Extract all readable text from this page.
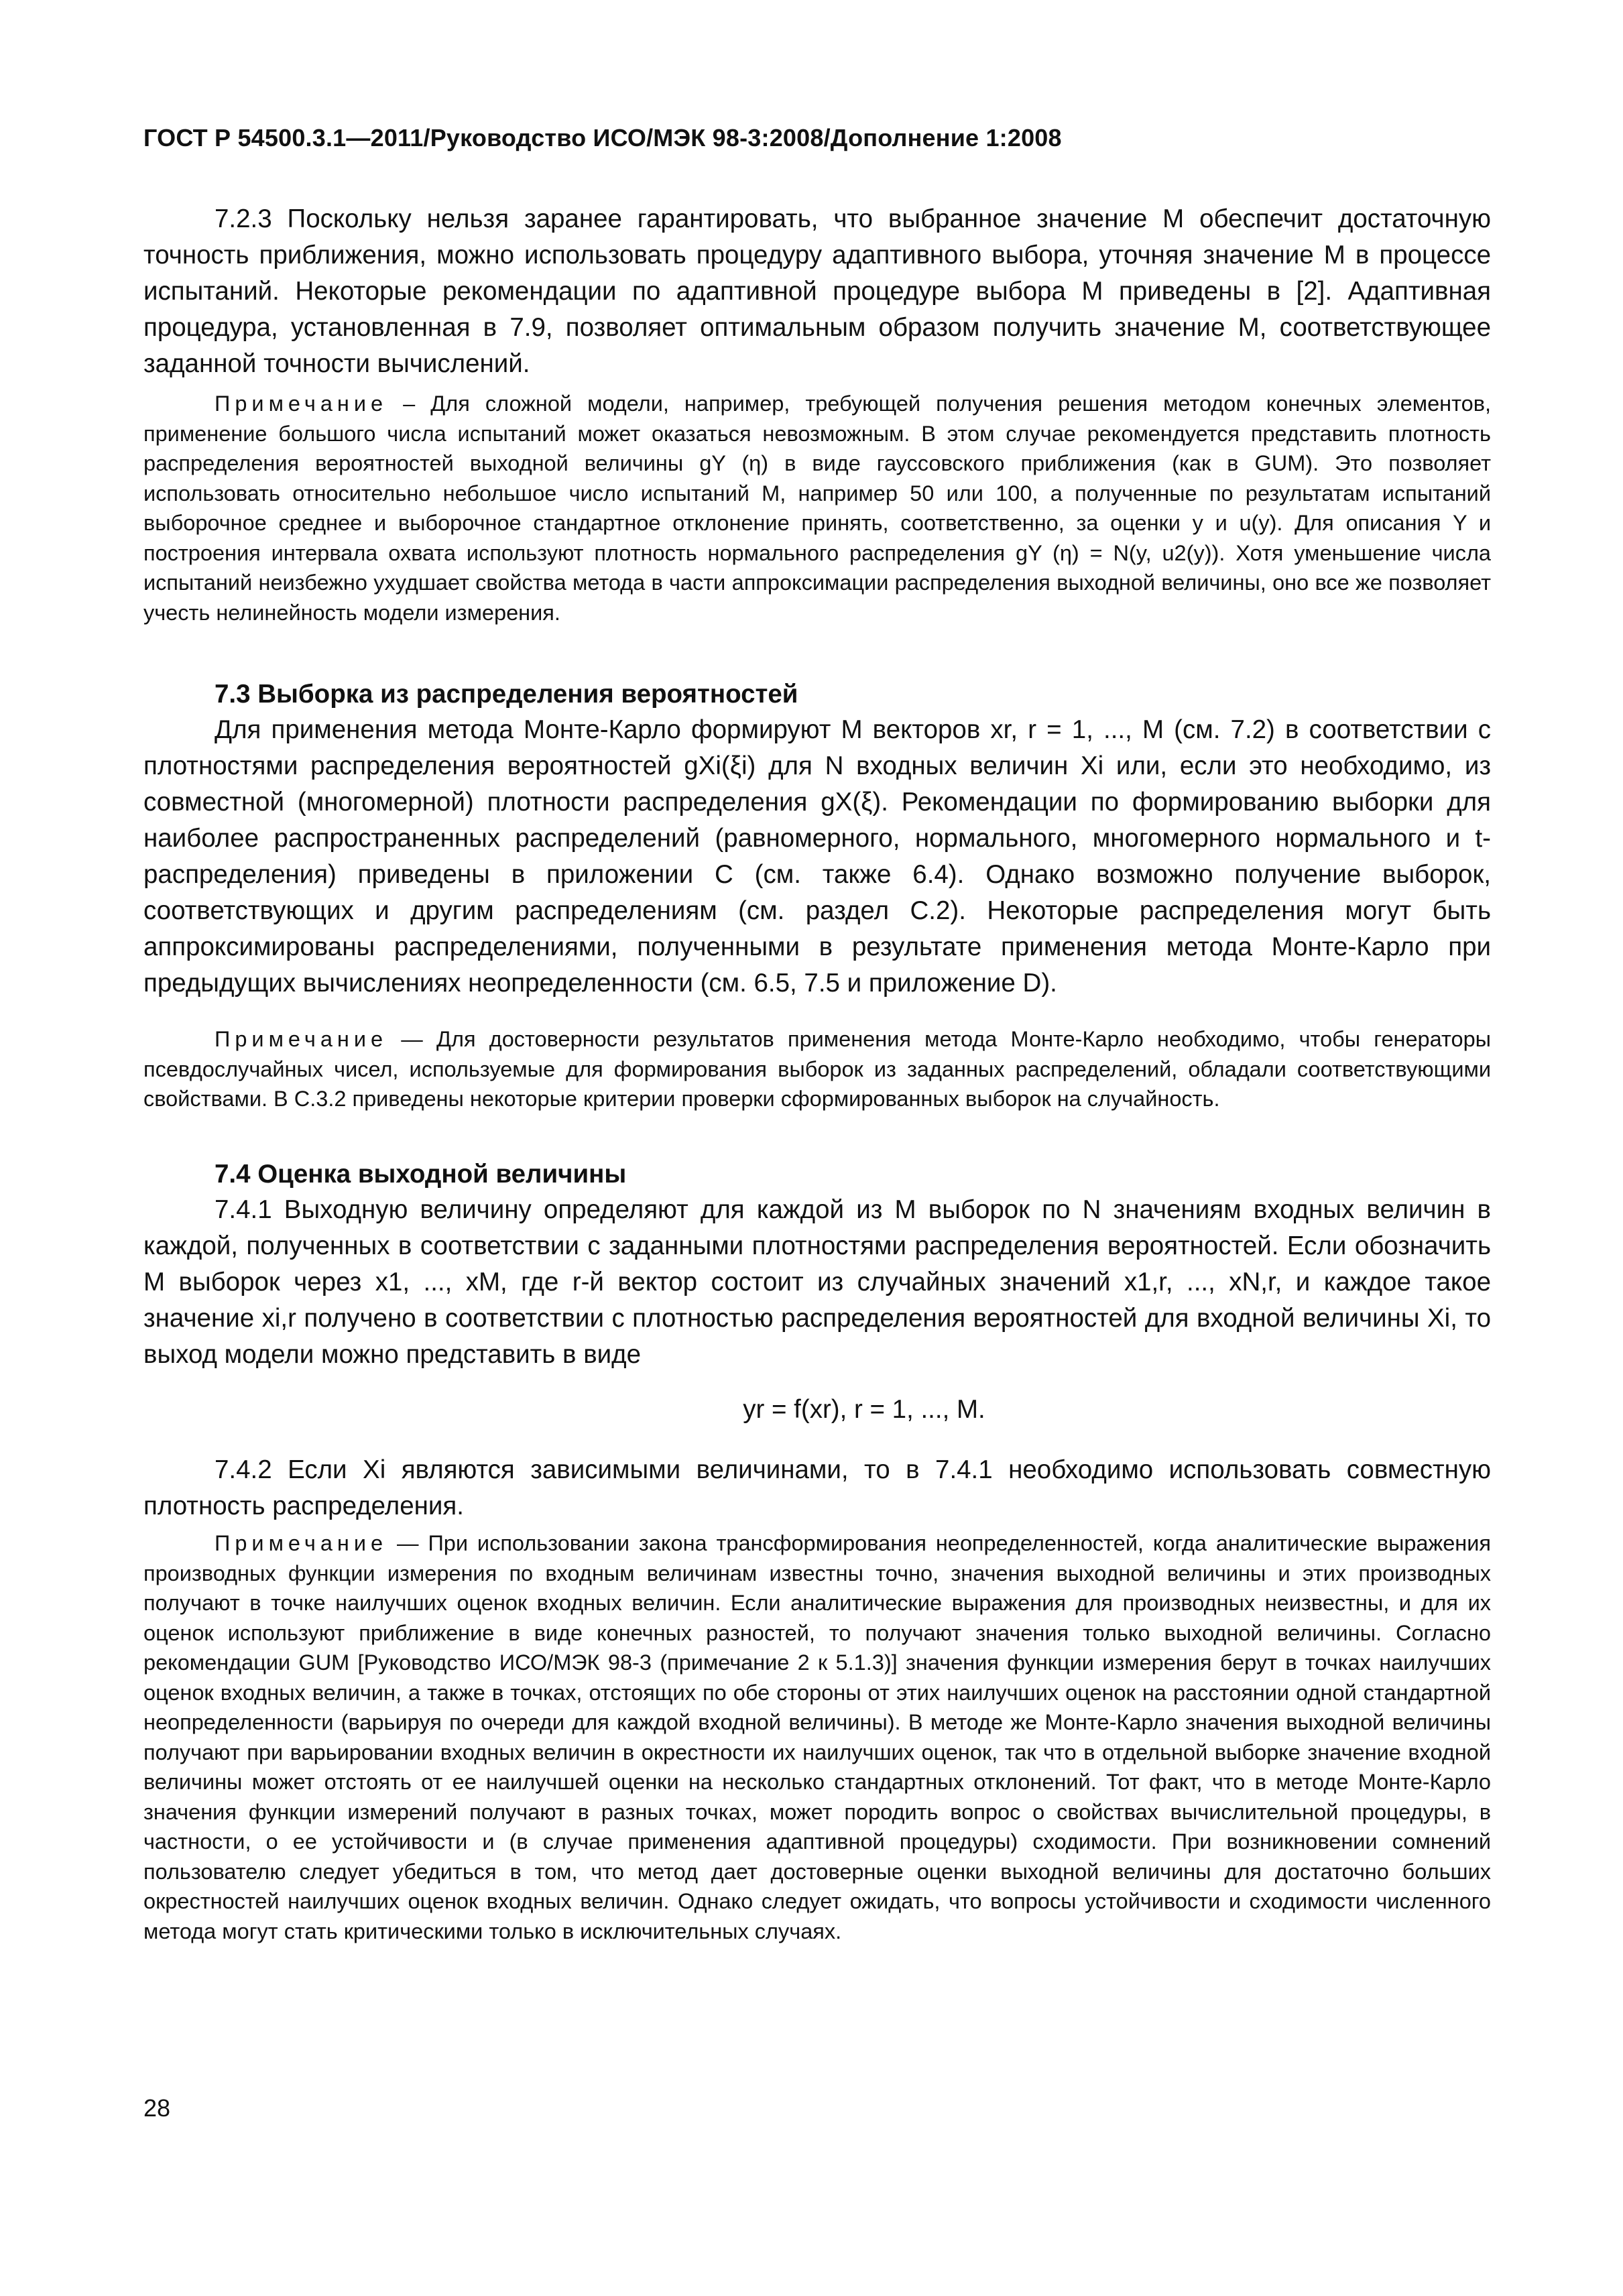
ГОСТ Р 54500.3.1—2011/Руководство ИСО/МЭК 98-3:2008/Дополнение 1:2008

7.2.3 Поскольку нельзя заранее гарантировать, что выбранное значение M обеспечит достаточную точность приближения, можно использовать процедуру адаптивного выбора, уточняя значение M в процессе испытаний. Некоторые рекомендации по адаптивной процедуре выбора M приведены в [2]. Адаптивная процедура, установленная в 7.9, позволяет оптимальным образом получить значение M, соответствующее заданной точности вычислений.

Примечание – Для сложной модели, например, требующей получения решения методом конечных элементов, применение большого числа испытаний может оказаться невозможным. В этом случае рекомендуется представить плотность распределения вероятностей выходной величины gY (η) в виде гауссовского приближения (как в GUM). Это позволяет использовать относительно небольшое число испытаний M, например 50 или 100, а полученные по результатам испытаний выборочное среднее и выборочное стандартное отклонение принять, соответственно, за оценки y и u(y). Для описания Y и построения интервала охвата используют плотность нормального распределения gY (η) = N(y, u2(y)). Хотя уменьшение числа испытаний неизбежно ухудшает свойства метода в части аппроксимации распределения выходной величины, оно все же позволяет учесть нелинейность модели измерения.

7.3 Выборка из распределения вероятностей

Для применения метода Монте-Карло формируют M векторов xr, r = 1, ..., M (см. 7.2) в соответствии с плотностями распределения вероятностей gXi(ξi) для N входных величин Xi или, если это необходимо, из совместной (многомерной) плотности распределения gX(ξ). Рекомендации по формированию выборки для наиболее распространенных распределений (равномерного, нормального, многомерного нормального и t-распределения) приведены в приложении C (см. также 6.4). Однако возможно получение выборок, соответствующих и другим распределениям (см. раздел C.2). Некоторые распределения могут быть аппроксимированы распределениями, полученными в результате применения метода Монте-Карло при предыдущих вычислениях неопределенности (см. 6.5, 7.5 и приложение D).

Примечание — Для достоверности результатов применения метода Монте-Карло необходимо, чтобы генераторы псевдослучайных чисел, используемые для формирования выборок из заданных распределений, обладали соответствующими свойствами. В C.3.2 приведены некоторые критерии проверки сформированных выборок на случайность.

7.4 Оценка выходной величины

7.4.1 Выходную величину определяют для каждой из M выборок по N значениям входных величин в каждой, полученных в соответствии с заданными плотностями распределения вероятностей. Если обозначить M выборок через x1, ..., xM, где r-й вектор состоит из случайных значений x1,r, ..., xN,r, и каждое такое значение xi,r получено в соответствии с плотностью распределения вероятностей для входной величины Xi, то выход модели можно представить в виде

yr = f(xr), r = 1, ..., M.

7.4.2 Если Xi являются зависимыми величинами, то в 7.4.1 необходимо использовать совместную плотность распределения.

Примечание — При использовании закона трансформирования неопределенностей, когда аналитические выражения производных функции измерения по входным величинам известны точно, значения выходной величины и этих производных получают в точке наилучших оценок входных величин. Если аналитические выражения для производных неизвестны, и для их оценок используют приближение в виде конечных разностей, то получают значения только выходной величины. Согласно рекомендации GUM [Руководство ИСО/МЭК 98-3 (примечание 2 к 5.1.3)] значения функции измерения берут в точках наилучших оценок входных величин, а также в точках, отстоящих по обе стороны от этих наилучших оценок на расстоянии одной стандартной неопределенности (варьируя по очереди для каждой входной величины). В методе же Монте-Карло значения выходной величины получают при варьировании входных величин в окрестности их наилучших оценок, так что в отдельной выборке значение входной величины может отстоять от ее наилучшей оценки на несколько стандартных отклонений. Тот факт, что в методе Монте-Карло значения функции измерений получают в разных точках, может породить вопрос о свойствах вычислительной процедуры, в частности, о ее устойчивости и (в случае применения адаптивной процедуры) сходимости. При возникновении сомнений пользователю следует убедиться в том, что метод дает достоверные оценки выходной величины для достаточно больших окрестностей наилучших оценок входных величин. Однако следует ожидать, что вопросы устойчивости и сходимости численного метода могут стать критическими только в исключительных случаях.

28
